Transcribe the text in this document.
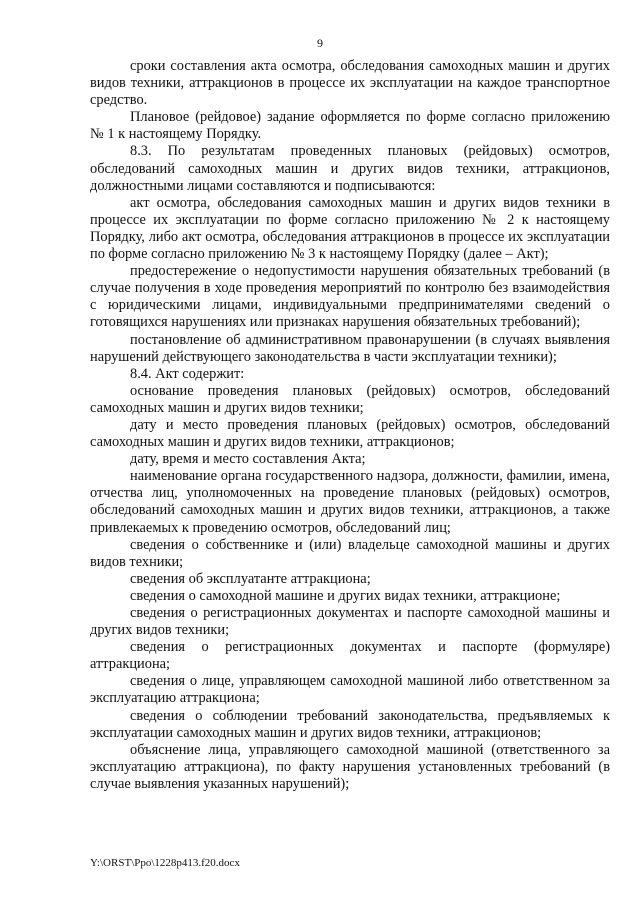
9

сроки составления акта осмотра, обследования самоходных машин и других видов техники, аттракционов в процессе их эксплуатации на каждое транспортное средство.

Плановое (рейдовое) задание оформляется по форме согласно приложению № 1 к настоящему Порядку.

8.3. По результатам проведенных плановых (рейдовых) осмотров, обследований самоходных машин и других видов техники, аттракционов, должностными лицами составляются и подписываются:

акт осмотра, обследования самоходных машин и других видов техники в процессе их эксплуатации по форме согласно приложению № 2 к настоящему Порядку, либо акт осмотра, обследования аттракционов в процессе их эксплуатации по форме согласно приложению № 3 к настоящему Порядку (далее – Акт);

предостережение о недопустимости нарушения обязательных требований (в случае получения в ходе проведения мероприятий по контролю без взаимодействия с юридическими лицами, индивидуальными предпринимателями сведений о готовящихся нарушениях или признаках нарушения обязательных требований);

постановление об административном правонарушении (в случаях выявления нарушений действующего законодательства в части эксплуатации техники);

8.4. Акт содержит:

основание проведения плановых (рейдовых) осмотров, обследований самоходных машин и других видов техники;

дату и место проведения плановых (рейдовых) осмотров, обследований самоходных машин и других видов техники, аттракционов;

дату, время и место составления Акта;

наименование органа государственного надзора, должности, фамилии, имена, отчества лиц, уполномоченных на проведение плановых (рейдовых) осмотров, обследований самоходных машин и других видов техники, аттракционов, а также привлекаемых к проведению осмотров, обследований лиц;

сведения о собственнике и (или) владельце самоходной машины и других видов техники;

сведения об эксплуатанте аттракциона;

сведения о самоходной машине и других видах техники, аттракционе;

сведения о регистрационных документах и паспорте самоходной машины и других видов техники;

сведения о регистрационных документах и паспорте (формуляре) аттракциона;

сведения о лице, управляющем самоходной машиной либо ответственном за эксплуатацию аттракциона;

сведения о соблюдении требований законодательства, предъявляемых к эксплуатации самоходных машин и других видов техники, аттракционов;

объяснение лица, управляющего самоходной машиной (ответственного за эксплуатацию аттракциона), по факту нарушения установленных требований (в случае выявления указанных нарушений);

Y:\ORST\Ppo\1228p413.f20.docx
